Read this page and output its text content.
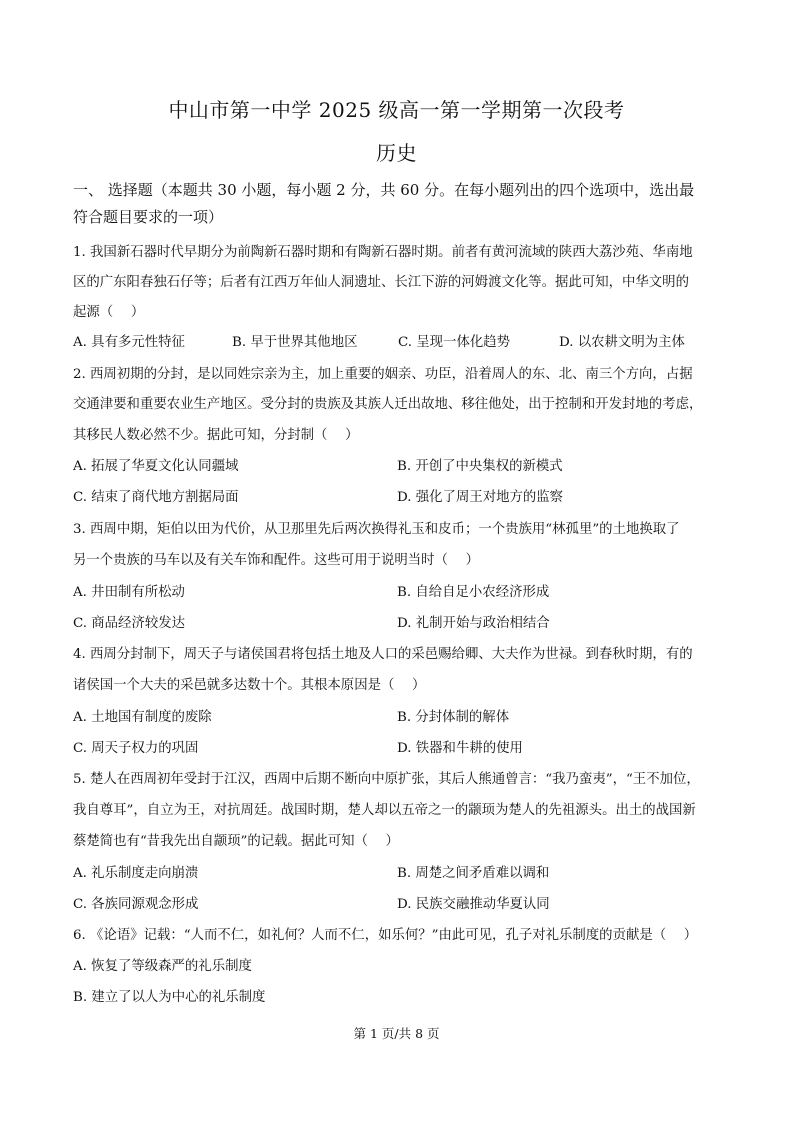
中山市第一中学 2025 级高一第一学期第一次段考
历史
一、 选择题（本题共 30 小题，每小题 2 分，共 60 分。在每小题列出的四个选项中，选出最
符合题目要求的一项）
1. 我国新石器时代早期分为前陶新石器时期和有陶新石器时期。前者有黄河流域的陕西大荔沙苑、华南地
区的广东阳春独石仔等；后者有江西万年仙人洞遗址、长江下游的河姆渡文化等。据此可知，中华文明的
起源（　 ）
A. 具有多元性特征	B. 早于世界其他地区	C. 呈现一体化趋势	D. 以农耕文明为主体
2. 西周初期的分封，是以同姓宗亲为主，加上重要的姻亲、功臣，沿着周人的东、北、南三个方向，占据
交通津要和重要农业生产地区。受分封的贵族及其族人迁出故地、移往他处，出于控制和开发封地的考虑，
其移民人数必然不少。据此可知，分封制（　 ）
A. 拓展了华夏文化认同疆域	B. 开创了中央集权的新模式
C. 结束了商代地方割据局面	D. 强化了周王对地方的监察
3. 西周中期，矩伯以田为代价，从卫那里先后两次换得礼玉和皮币；一个贵族用“林孤里”的土地换取了
另一个贵族的马车以及有关车饰和配件。这些可用于说明当时（　 ）
A. 井田制有所松动	B. 自给自足小农经济形成
C. 商品经济较发达	D. 礼制开始与政治相结合
4. 西周分封制下，周天子与诸侯国君将包括土地及人口的采邑赐给卿、大夫作为世禄。到春秋时期，有的
诸侯国一个大夫的采邑就多达数十个。其根本原因是（　 ）
A. 土地国有制度的废除	B. 分封体制的解体
C. 周天子权力的巩固	D. 铁器和牛耕的使用
5. 楚人在西周初年受封于江汉，西周中后期不断向中原扩张，其后人熊通曾言：“我乃蛮夷”，“王不加位，
我自尊耳”，自立为王，对抗周廷。战国时期，楚人却以五帝之一的颛顼为楚人的先祖源头。出土的战国新
蔡楚简也有“昔我先出自颛顼”的记载。据此可知（　 ）
A. 礼乐制度走向崩溃	B. 周楚之间矛盾难以调和
C. 各族同源观念形成	D. 民族交融推动华夏认同
6. 《论语》记载：“人而不仁，如礼何？人而不仁，如乐何？”由此可见，孔子对礼乐制度的贡献是（　 ）
A. 恢复了等级森严的礼乐制度
B. 建立了以人为中心的礼乐制度
第 1 页/共 8 页
